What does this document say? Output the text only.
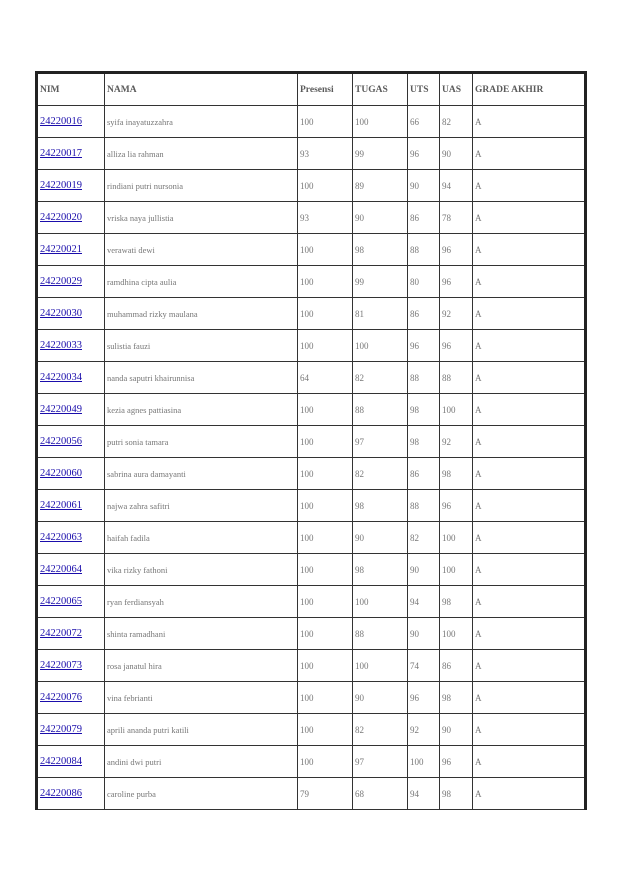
NIM	NAMA	Presensi	TUGAS	UTS	UAS	GRADE AKHIR
24220016	syifa inayatuzzahra	100	100	66	82	A
24220017	alliza lia rahman	93	99	96	90	A
24220019	rindiani putri nursonia	100	89	90	94	A
24220020	vriska naya jullistia	93	90	86	78	A
24220021	verawati dewi	100	98	88	96	A
24220029	ramdhina cipta aulia	100	99	80	96	A
24220030	muhammad rizky maulana	100	81	86	92	A
24220033	sulistia fauzi	100	100	96	96	A
24220034	nanda saputri khairunnisa	64	82	88	88	A
24220049	kezia agnes pattiasina	100	88	98	100	A
24220056	putri sonia tamara	100	97	98	92	A
24220060	sabrina aura damayanti	100	82	86	98	A
24220061	najwa zahra safitri	100	98	88	96	A
24220063	haifah fadila	100	90	82	100	A
24220064	vika rizky fathoni	100	98	90	100	A
24220065	ryan ferdiansyah	100	100	94	98	A
24220072	shinta ramadhani	100	88	90	100	A
24220073	rosa janatul hira	100	100	74	86	A
24220076	vina febrianti	100	90	96	98	A
24220079	aprili ananda putri katili	100	82	92	90	A
24220084	andini dwi putri	100	97	100	96	A
24220086	caroline purba	79	68	94	98	A
